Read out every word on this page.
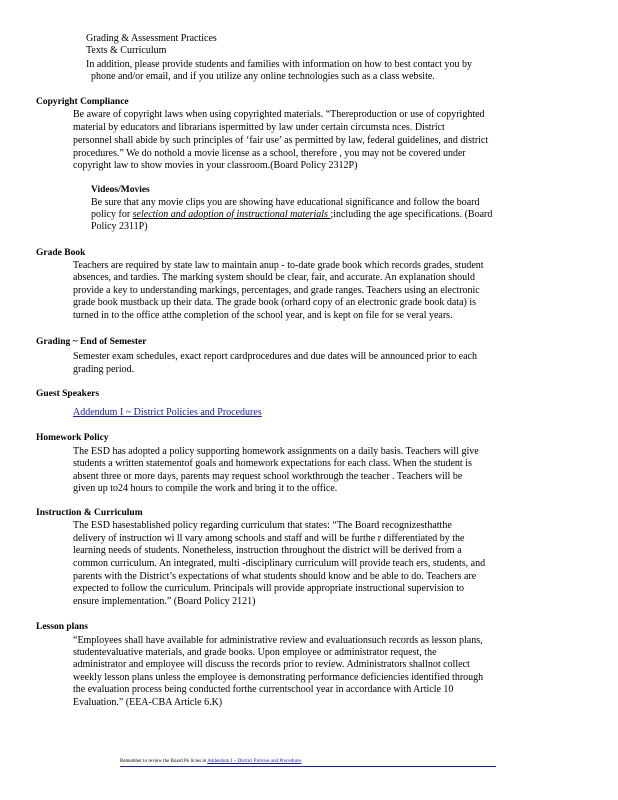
Grading & Assessment Practices
Texts & Curriculum
In addition, please provide students and families with information on how to best contact you by
phone and/or email, and if you utilize any online technologies such as a class website.
Copyright Compliance
Be aware of copyright laws when using copyrighted materials. “Thereproduction or use of copyrighted
material by educators and librarians ispermitted by law under certain circumsta nces. District
personnel shall abide by such principles of ‘fair use’ as permitted by law, federal guidelines, and district
procedures.” We do nothold a movie license as a school, therefore , you may not be covered under
copyright law to show movies in your classroom.(Board Policy 2312P)
Videos/Movies
Be sure that any movie clips you are showing have educational significance and follow the board
policy for selection and adoption of instructional materials ;including the age specifications. (Board
Policy 2311P)
Grade Book
Teachers are required by state law to maintain anup - to-date grade book which records grades, student
absences, and tardies. The marking system should be clear, fair, and accurate. An explanation should
provide a key to understanding markings, percentages, and grade ranges. Teachers using an electronic
grade book mustback up their data. The grade book (orhard copy of an electronic grade book data) is
turned in to the office atthe completion of the school year, and is kept on file for se veral years.
Grading ~ End of Semester
Semester exam schedules, exact report cardprocedures and due dates will be announced prior to each
grading period.
Guest Speakers
Addendum I ~ District Policies and Procedures
Homework Policy
The ESD has adopted a policy supporting homework assignments on a daily basis. Teachers will give
students a written statementof goals and homework expectations for each class. When the student is
absent three or more days, parents may request school workthrough the teacher . Teachers will be
given up to24 hours to compile the work and bring it to the office.
Instruction & Curriculum
The ESD hasestablished policy regarding curriculum that states: “The Board recognizesthatthe
delivery of instruction wi ll vary among schools and staff and will be furthe r differentiated by the
learning needs of students. Nonetheless, instruction throughout the district will be derived from a
common curriculum. An integrated, multi -disciplinary curriculum will provide teach ers, students, and
parents with the District’s expectations of what students should know and be able to do. Teachers are
expected to follow the curriculum. Principals will provide appropriate instructional supervision to
ensure implementation.” (Board Policy 2121)
Lesson plans
“Employees shall have available for administrative review and evaluationsuch records as lesson plans,
studentevaluative materials, and grade books. Upon employee or administrator request, the
administrator and employee will discuss the records prior to review. Administrators shallnot collect
weekly lesson plans unless the employee is demonstrating performance deficiencies identified through
the evaluation process being conducted forthe currentschool year in accordance with Article 10
Evaluation.” (EEA-CBA Article 6.K)
Remember to review the Board Po licies in Addendum I ~ District Policies and Procedures
